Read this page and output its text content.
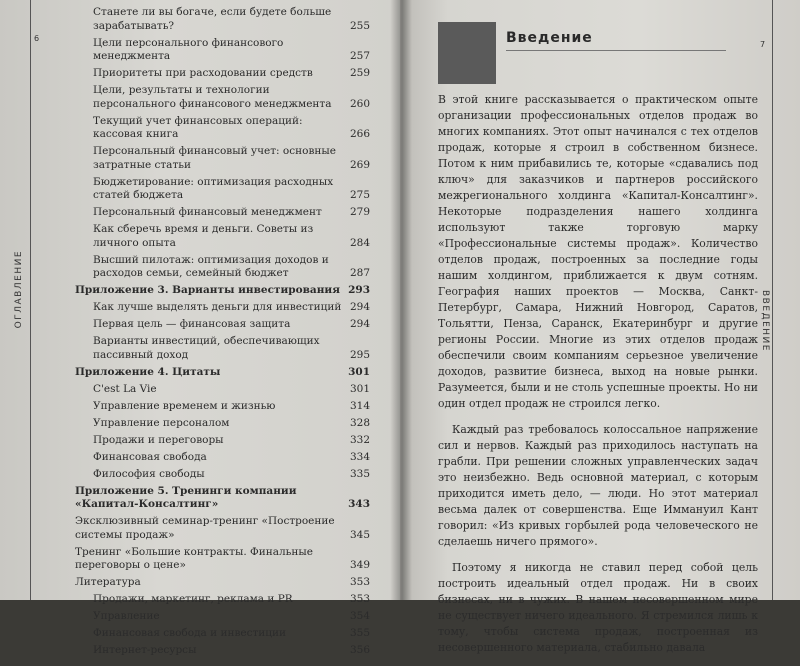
ОГЛАВЛЕНИЕ
6
Станете ли вы богаче, если будете больше зарабатывать?	255
Цели персонального финансового менеджмента	257
Приоритеты при расходовании средств	259
Цели, результаты и технологии персонального финансового менеджмента	260
Текущий учет финансовых операций: кассовая книга	266
Персональный финансовый учет: основные затратные статьи	269
Бюджетирование: оптимизация расходных статей бюджета	275
Персональный финансовый менеджмент	279
Как сберечь время и деньги. Советы из личного опыта	284
Высший пилотаж: оптимизация доходов и расходов семьи, семейный бюджет	287
Приложение 3. Варианты инвестирования 293
Как лучше выделять деньги для инвестиций 294
Первая цель — финансовая защита	294
Варианты инвестиций, обеспечивающих пассивный доход	295
Приложение 4. Цитаты	301
C'est La Vie	301
Управление временем и жизнью	314
Управление персоналом	328
Продажи и переговоры	332
Финансовая свобода	334
Философия свободы	335
Приложение 5. Тренинги компании «Капитал-Консалтинг»	343
Эксклюзивный семинар-тренинг «Построение системы продаж»	345
Тренинг «Большие контракты. Финальные переговоры о цене»	349
Литература	353
Продажи, маркетинг, реклама и PR	353
Управление	354
Финансовая свобода и инвестиции	355
Интернет-ресурсы	356
ВВЕДЕНИЕ
7
Введение

В этой книге рассказывается о практическом опыте организации профессиональных отделов продаж во многих компаниях. Этот опыт начинался с тех отделов продаж, которые я строил в собственном бизнесе. Потом к ним прибавились те, которые «сдавались под ключ» для заказчиков и партнеров российского межрегионального холдинга «Капитал-Консалтинг». Некоторые подразделения нашего холдинга используют также торговую марку «Профессиональные системы продаж». Количество отделов продаж, построенных за последние годы нашим холдингом, приближается к двум сотням. География наших проектов — Москва, Санкт-Петербург, Самара, Нижний Новгород, Саратов, Тольятти, Пенза, Саранск, Екатеринбург и другие регионы России. Многие из этих отделов продаж обеспечили своим компаниям серьезное увеличение доходов, развитие бизнеса, выход на новые рынки. Разумеется, были и не столь успешные проекты. Но ни один отдел продаж не строился легко.

Каждый раз требовалось колоссальное напряжение сил и нервов. Каждый раз приходилось наступать на грабли. При решении сложных управленческих задач это неизбежно. Ведь основной материал, с которым приходится иметь дело, — люди. Но этот материал весьма далек от совершенства. Еще Иммануил Кант говорил: «Из кривых горбылей рода человеческого не сделаешь ничего прямого».

Поэтому я никогда не ставил перед собой цель построить идеальный отдел продаж. Ни в своих бизнесах, ни в чужих. В нашем несовершенном мире не существует ничего идеального. Я стремился лишь к тому, чтобы система продаж, построенная из несовершенного материала, стабильно давала
